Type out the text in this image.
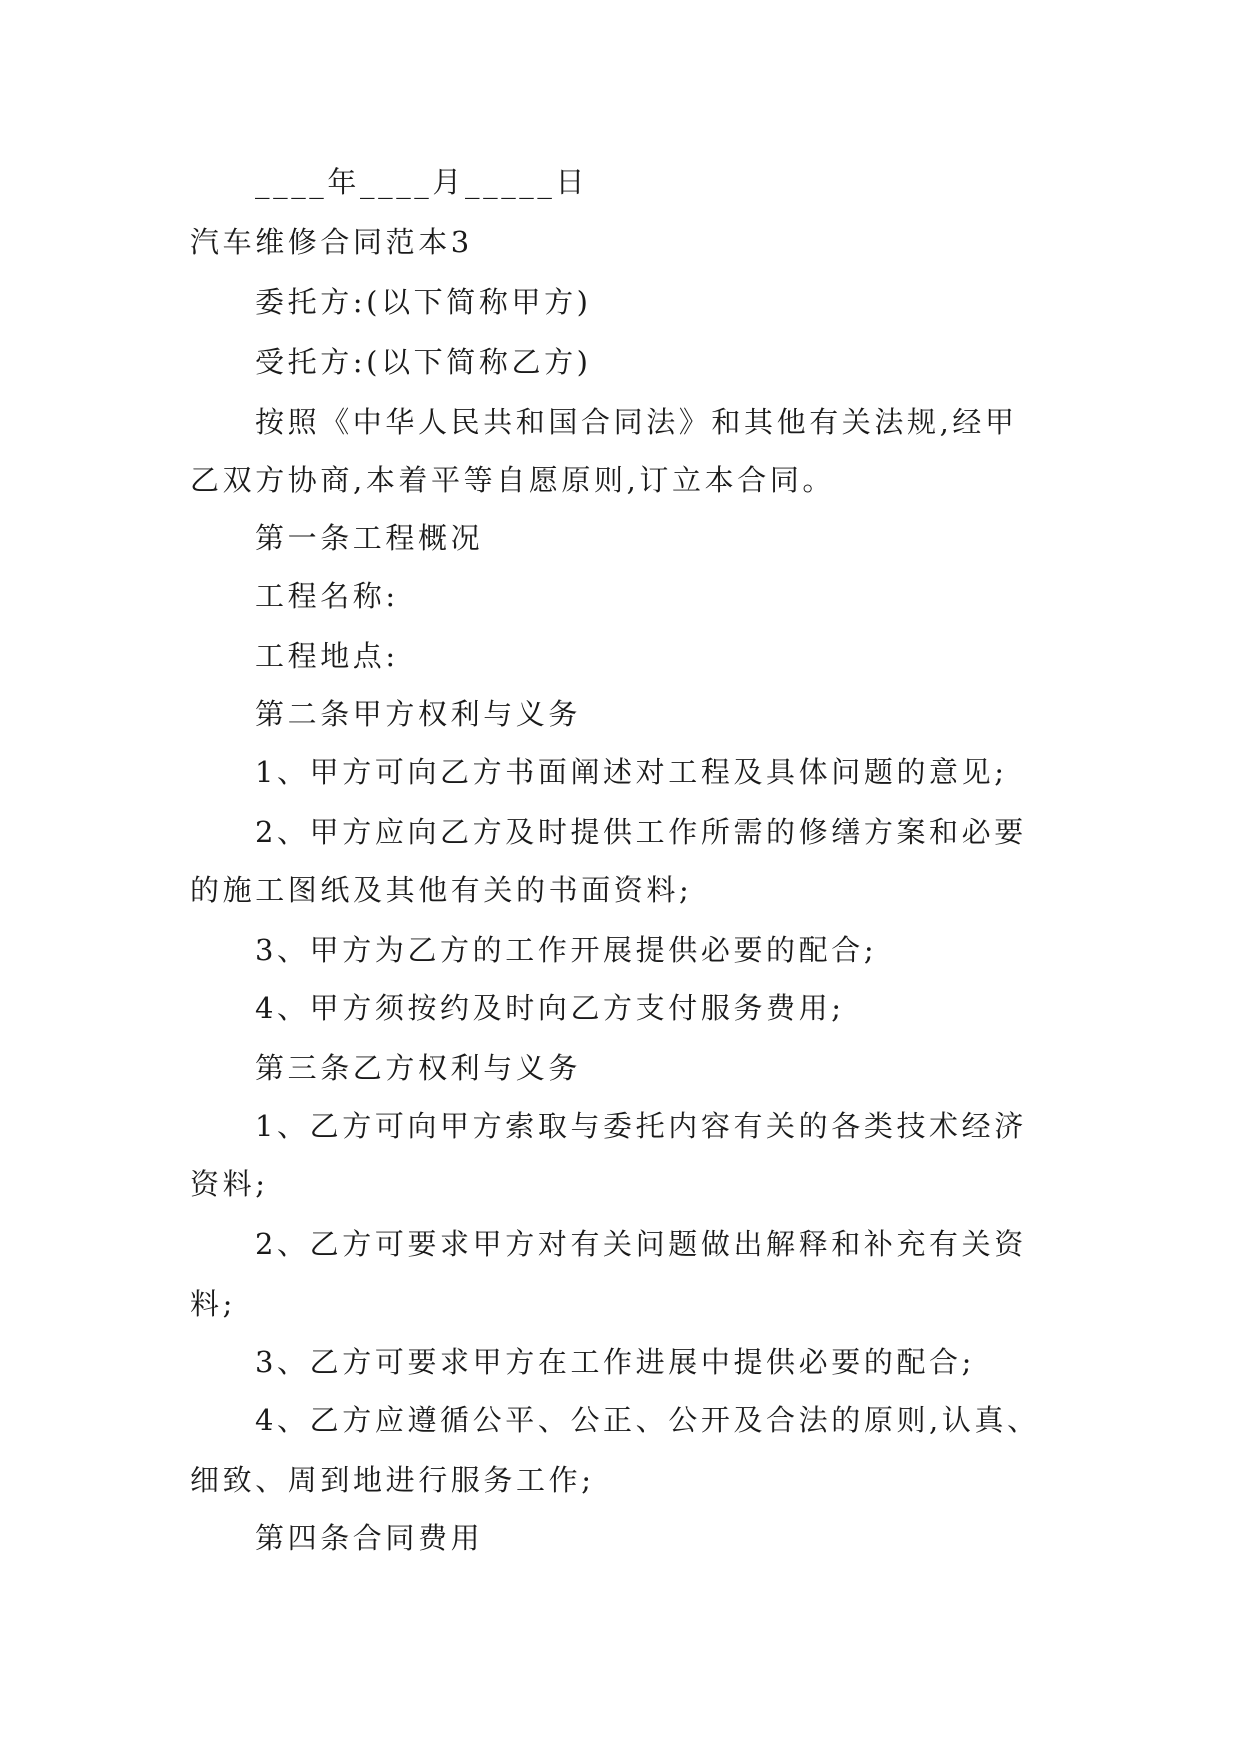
____年____月_____日
汽车维修合同范本3
委托方:(以下简称甲方)
受托方:(以下简称乙方)
按照《中华人民共和国合同法》和其他有关法规,经甲
乙双方协商,本着平等自愿原则,订立本合同。
第一条工程概况
工程名称:
工程地点:
第二条甲方权利与义务
1、甲方可向乙方书面阐述对工程及具体问题的意见;
2、甲方应向乙方及时提供工作所需的修缮方案和必要
的施工图纸及其他有关的书面资料;
3、甲方为乙方的工作开展提供必要的配合;
4、甲方须按约及时向乙方支付服务费用;
第三条乙方权利与义务
1、乙方可向甲方索取与委托内容有关的各类技术经济
资料;
2、乙方可要求甲方对有关问题做出解释和补充有关资
料;
3、乙方可要求甲方在工作进展中提供必要的配合;
4、乙方应遵循公平、公正、公开及合法的原则,认真、
细致、周到地进行服务工作;
第四条合同费用
